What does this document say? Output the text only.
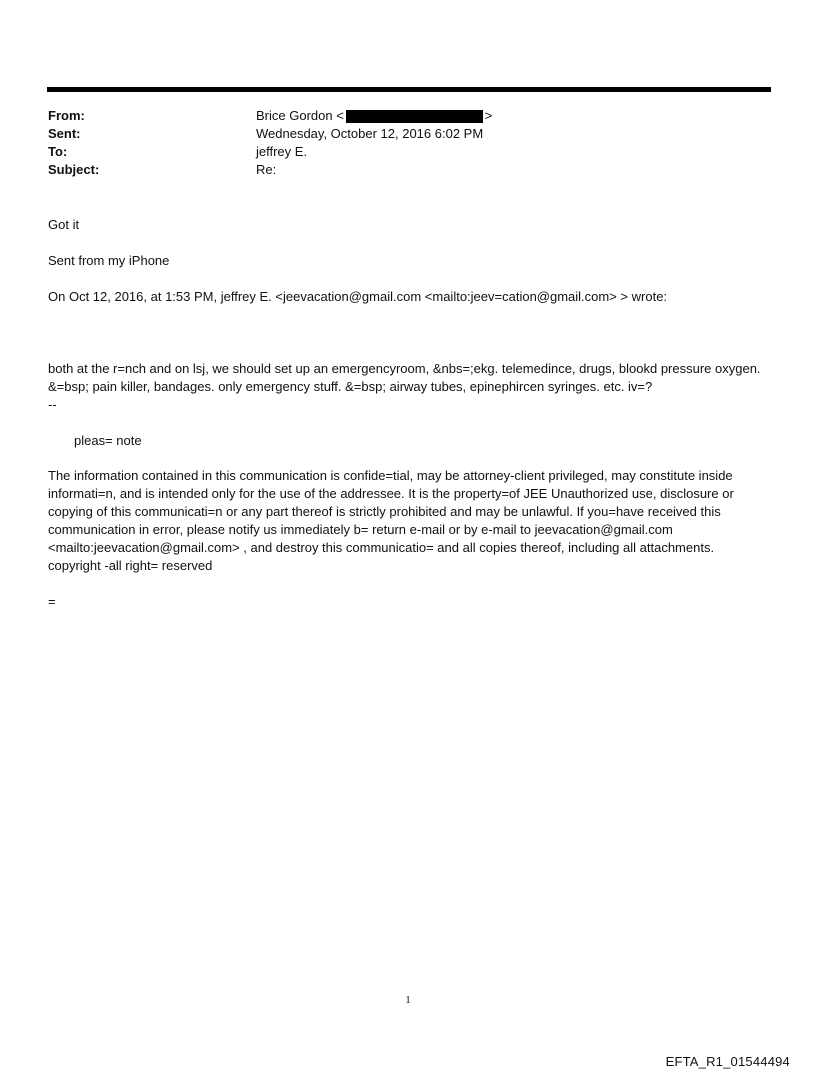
From:	Brice Gordon <	>
Sent:	Wednesday, October 12, 2016 6:02 PM
To:	jeffrey E.
Subject:	Re:

Got it

Sent from my iPhone

On Oct 12, 2016, at 1:53 PM, jeffrey E. <jeevacation@gmail.com <mailto:jeev=cation@gmail.com> > wrote:

both at the r=nch and on lsj, we should set up an emergencyroom, &nbs=;ekg. telemedince, drugs, blookd pressure oxygen. &=bsp; pain killer, bandages. only emergency stuff. &=bsp; airway tubes, epinephircen syringes. etc. iv=?

--

pleas= note

The information contained in this communication is confide=tial, may be attorney-client privileged, may constitute inside informati=n, and is intended only for the use of the addressee. It is the property=of JEE Unauthorized use, disclosure or copying of this communicati=n or any part thereof is strictly prohibited and may be unlawful. If you=have received this communication in error, please notify us immediately b= return e-mail or by e-mail to jeevacation@gmail.com <mailto:jeevacation@gmail.com> , and destroy this communicatio= and all copies thereof, including all attachments. copyright -all right= reserved

=

1
EFTA_R1_01544494
